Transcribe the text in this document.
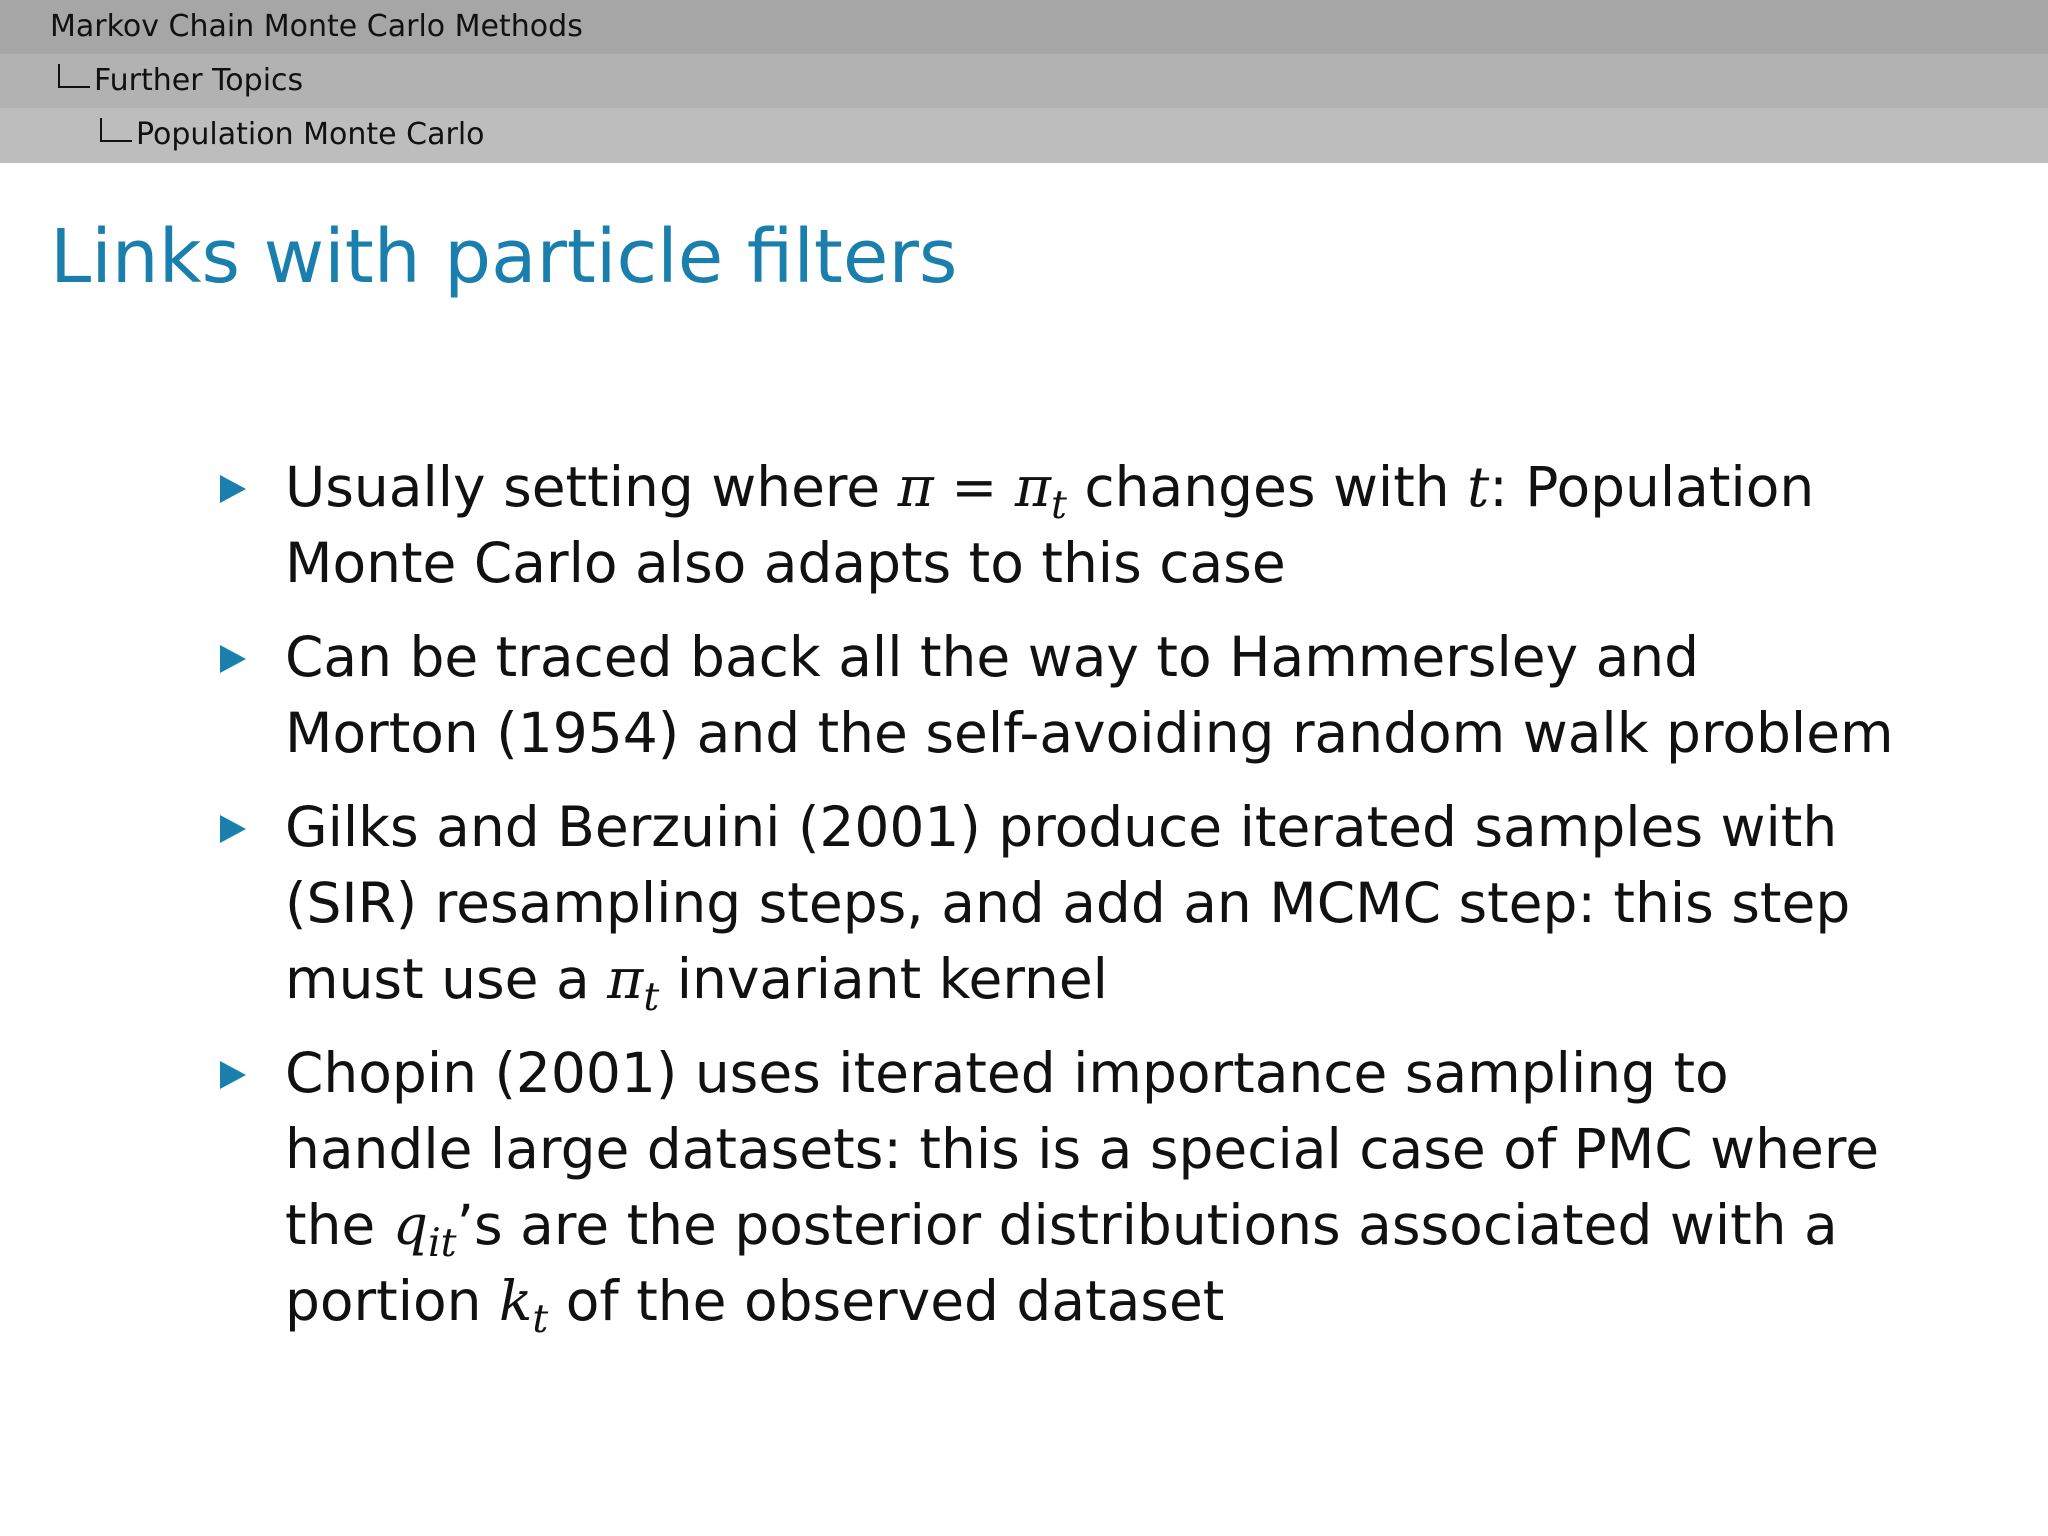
Markov Chain Monte Carlo Methods
Further Topics
Population Monte Carlo
Links with particle filters
Usually setting where $\pi = \pi_t$ changes with t: Population Monte Carlo also adapts to this case
Can be traced back all the way to Hammersley and Morton (1954) and the self-avoiding random walk problem
Gilks and Berzuini (2001) produce iterated samples with (SIR) resampling steps, and add an MCMC step: this step must use a $\pi_t$ invariant kernel
Chopin (2001) uses iterated importance sampling to handle large datasets: this is a special case of PMC where the $q_{it}’s$ are the posterior distributions associated with a portion $k_t$ of the observed dataset
